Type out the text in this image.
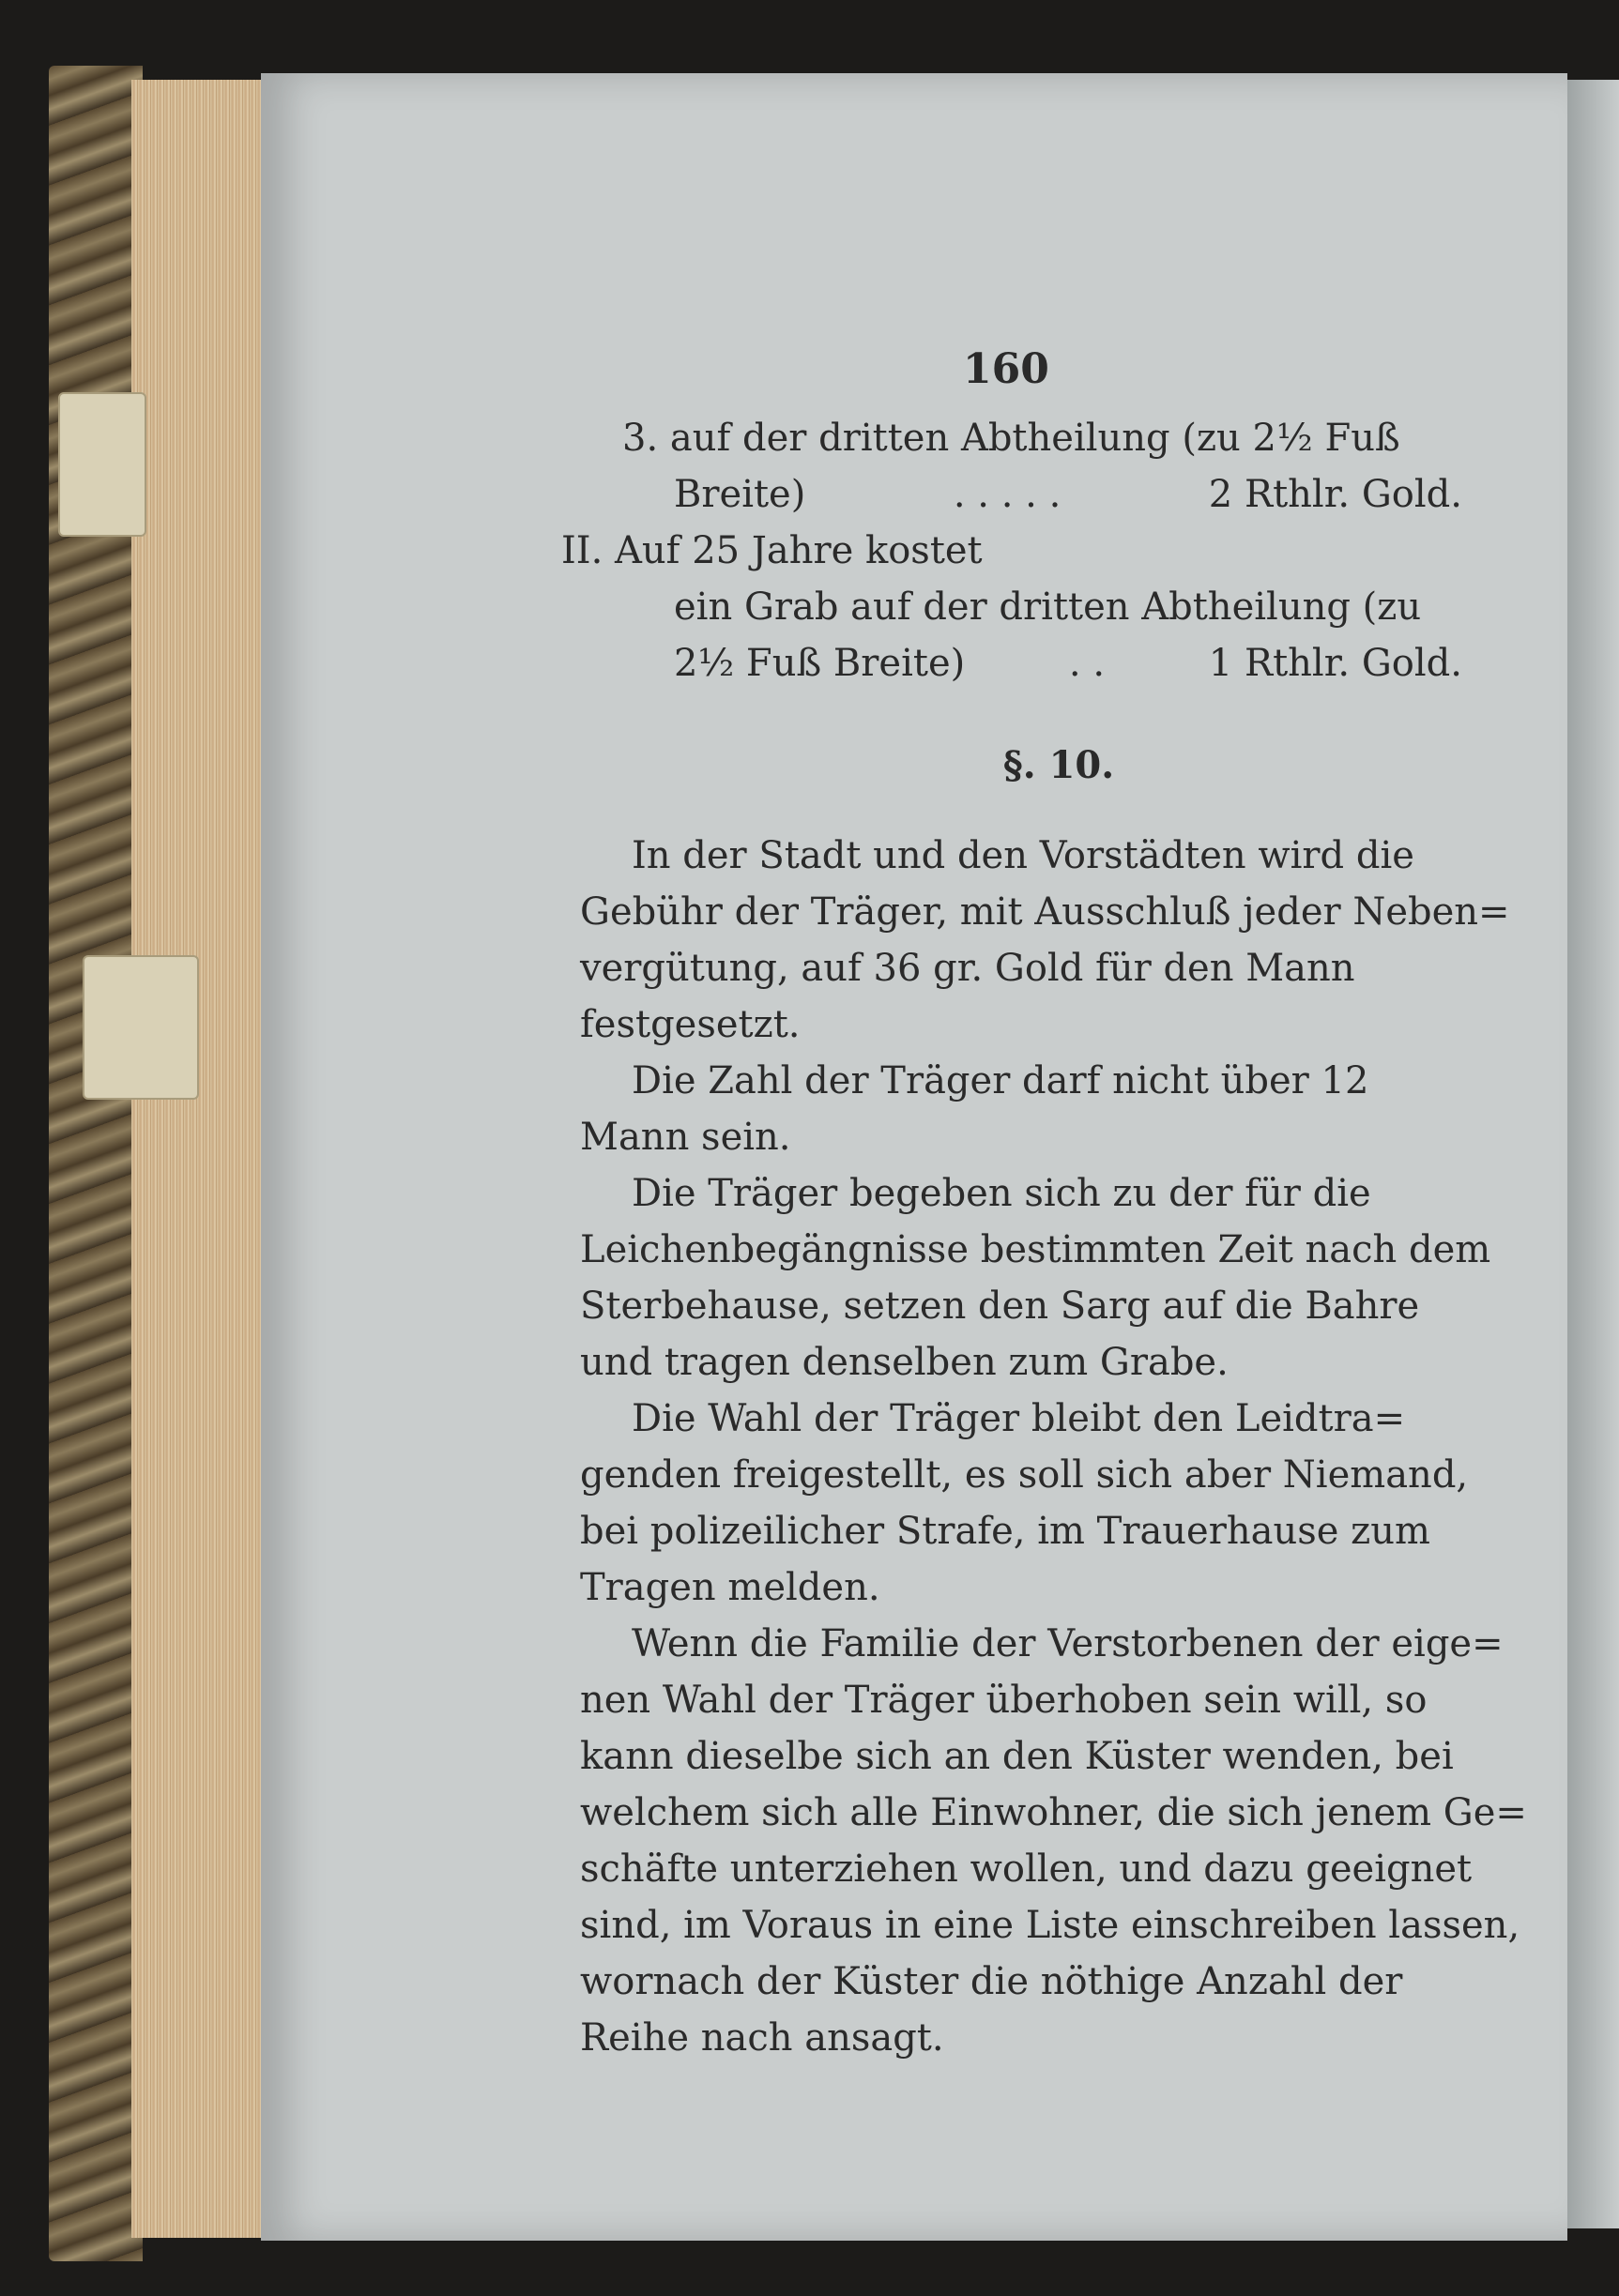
160
3. auf der dritten Abtheilung (zu 2½ Fuß
Breite)	. . . . .	2 Rthlr. Gold.
II. Auf 25 Jahre kostet
ein Grab auf der dritten Abtheilung (zu
2½ Fuß Breite)	. .	1 Rthlr. Gold.
§. 10.
In der Stadt und den Vorstädten wird die
Gebühr der Träger, mit Ausschluß jeder Neben=
vergütung, auf 36 gr. Gold für den Mann
festgesetzt.
Die Zahl der Träger darf nicht über 12
Mann sein.
Die Träger begeben sich zu der für die
Leichenbegängnisse bestimmten Zeit nach dem
Sterbehause, setzen den Sarg auf die Bahre
und tragen denselben zum Grabe.
Die Wahl der Träger bleibt den Leidtra=
genden freigestellt, es soll sich aber Niemand,
bei polizeilicher Strafe, im Trauerhause zum
Tragen melden.
Wenn die Familie der Verstorbenen der eige=
nen Wahl der Träger überhoben sein will, so
kann dieselbe sich an den Küster wenden, bei
welchem sich alle Einwohner, die sich jenem Ge=
schäfte unterziehen wollen, und dazu geeignet
sind, im Voraus in eine Liste einschreiben lassen,
wornach der Küster die nöthige Anzahl der
Reihe nach ansagt.
